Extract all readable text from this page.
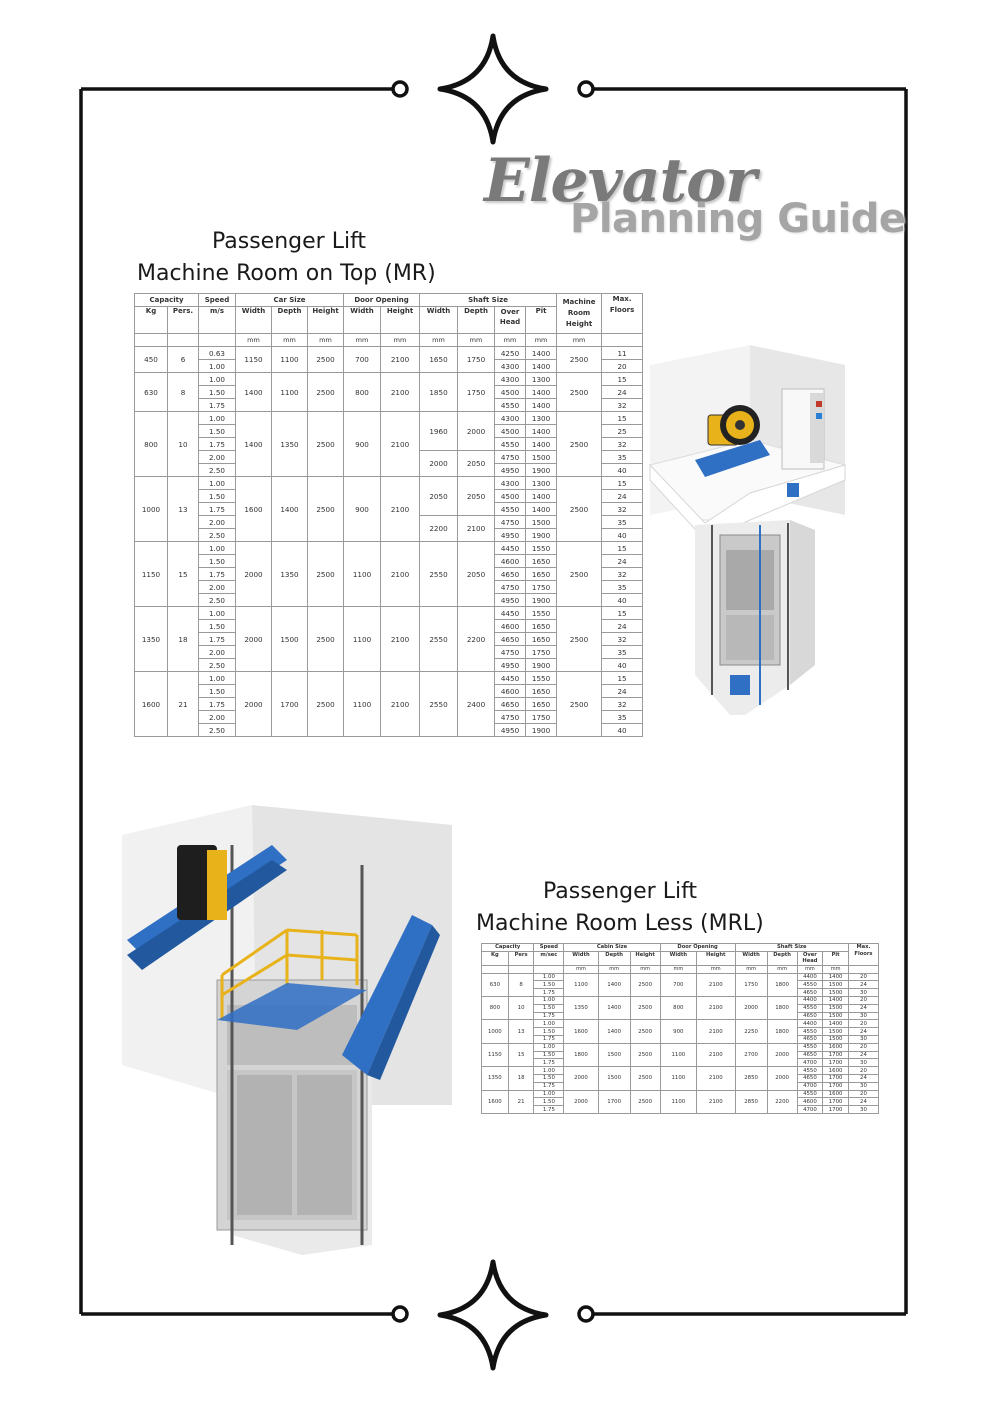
Elevator
Planning Guide
Passenger Lift
Machine Room on Top (MR)
Capacity		Speed	Car Size			Door Opening		Shaft Size				Machine Room Height	Max. Floors
Kg	Pers.	m/s	Width	Depth	Height	Width	Height	Width	Depth	Over Head	Pit		
			mm	mm	mm	mm	mm	mm	mm	mm	mm	mm	
450	6	0.63	1150	1100	2500	700	2100	1650	1750	4250	1400	2500	11
		1.00								4300	1400		20
630	8	1.00	1400	1100	2500	800	2100	1850	1750	4300	1300	2500	15
		1.50								4500	1400		24
		1.75								4550	1400		32
800	10	1.00	1400	1350	2500	900	2100	1960	2000	4300	1300	2500	15
		1.50								4500	1400		25
		1.75								4550	1400		32
		2.00						2000	2050	4750	1500		35
		2.50								4950	1900		40
1000	13	1.00	1600	1400	2500	900	2100	2050	2050	4300	1300	2500	15
		1.50								4500	1400		24
		1.75								4550	1400		32
		2.00						2200	2100	4750	1500		35
		2.50								4950	1900		40
1150	15	1.00	2000	1350	2500	1100	2100	2550	2050	4450	1550	2500	15
		1.50								4600	1650		24
		1.75								4650	1650		32
		2.00								4750	1750		35
		2.50								4950	1900		40
1350	18	1.00	2000	1500	2500	1100	2100	2550	2200	4450	1550	2500	15
		1.50								4600	1650		24
		1.75								4650	1650		32
		2.00								4750	1750		35
		2.50								4950	1900		40
1600	21	1.00	2000	1700	2500	1100	2100	2550	2400	4450	1550	2500	15
		1.50								4600	1650		24
		1.75								4650	1650		32
		2.00								4750	1750		35
		2.50								4950	1900		40
Passenger Lift
Machine Room Less (MRL)
Capacity		Speed	Cabin Size			Door Opening		Shaft Size				Max. Floors
Kg	Pers	m/sec	Width	Depth	Height	Width	Height	Width	Depth	Over Head	Pit	
			mm	mm	mm	mm	mm	mm	mm	mm	mm	
630	8	1.00	1100	1400	2500	700	2100	1750	1800	4400	1400	20
		1.50								4550	1500	24
		1.75								4650	1500	30
800	10	1.00	1350	1400	2500	800	2100	2000	1800	4400	1400	20
		1.50								4550	1500	24
		1.75								4650	1500	30
1000	13	1.00	1600	1400	2500	900	2100	2250	1800	4400	1400	20
		1.50								4550	1500	24
		1.75								4650	1500	30
1150	15	1.00	1800	1500	2500	1100	2100	2700	2000	4550	1600	20
		1.50								4650	1700	24
		1.75								4700	1700	30
1350	18	1.00	2000	1500	2500	1100	2100	2850	2000	4550	1600	20
		1.50								4650	1700	24
		1.75								4700	1700	30
1600	21	1.00	2000	1700	2500	1100	2100	2850	2200	4550	1600	20
		1.50								4600	1700	24
		1.75								4700	1700	30
